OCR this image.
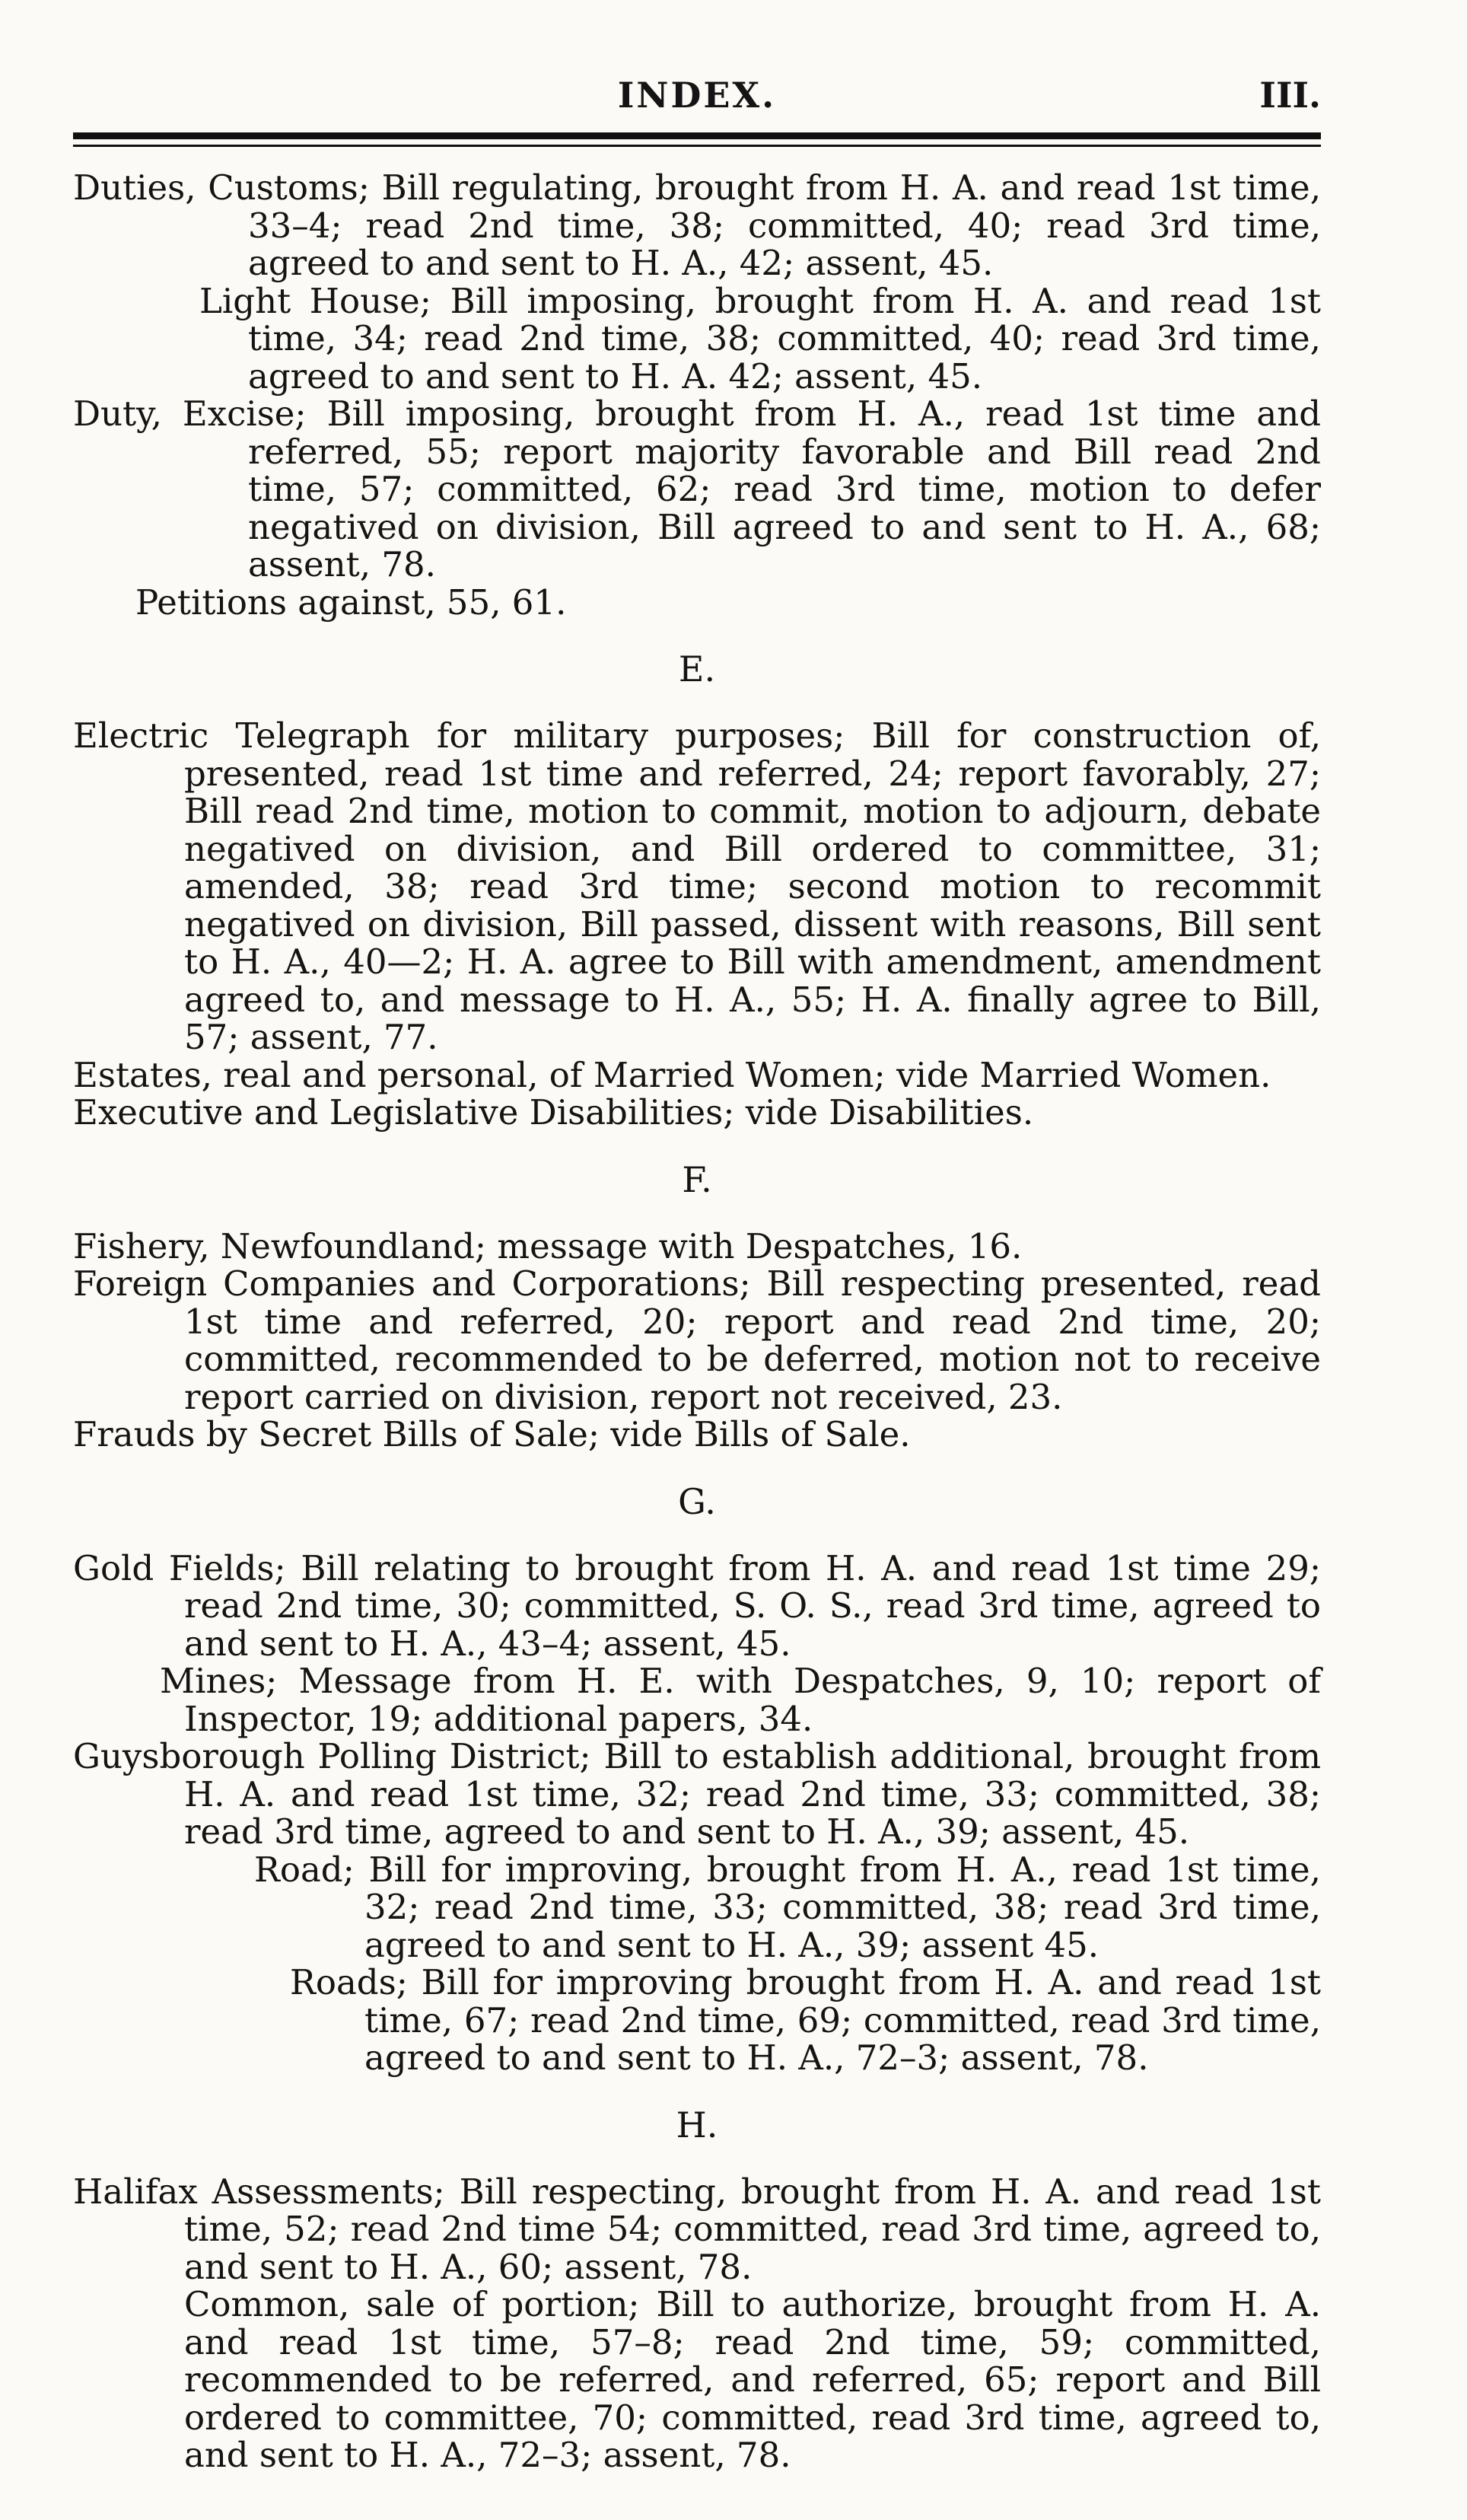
INDEX.	III.

Duties, Customs; Bill regulating, brought from H. A. and read 1st time, 33–4; read 2nd time, 38; committed, 40; read 3rd time, agreed to and sent to H. A., 42; assent, 45.

Light House; Bill imposing, brought from H. A. and read 1st time, 34; read 2nd time, 38; committed, 40; read 3rd time, agreed to and sent to H. A. 42; assent, 45.

Duty, Excise; Bill imposing, brought from H. A., read 1st time and referred, 55; report majority favorable and Bill read 2nd time, 57; committed, 62; read 3rd time, motion to defer negatived on division, Bill agreed to and sent to H. A., 68; assent, 78.

Petitions against, 55, 61.

E.

Electric Telegraph for military purposes; Bill for construction of, presented, read 1st time and referred, 24; report favorably, 27; Bill read 2nd time, motion to commit, motion to adjourn, debate negatived on division, and Bill ordered to committee, 31; amended, 38; read 3rd time; second motion to recommit negatived on division, Bill passed, dissent with reasons, Bill sent to H. A., 40—2; H. A. agree to Bill with amendment, amendment agreed to, and message to H. A., 55; H. A. finally agree to Bill, 57; assent, 77.

Estates, real and personal, of Married Women; vide Married Women.

Executive and Legislative Disabilities; vide Disabilities.

F.

Fishery, Newfoundland; message with Despatches, 16.

Foreign Companies and Corporations; Bill respecting presented, read 1st time and referred, 20; report and read 2nd time, 20; committed, recommended to be deferred, motion not to receive report carried on division, report not received, 23.

Frauds by Secret Bills of Sale; vide Bills of Sale.

G.

Gold Fields; Bill relating to brought from H. A. and read 1st time 29; read 2nd time, 30; committed, S. O. S., read 3rd time, agreed to and sent to H. A., 43–4; assent, 45.

Mines; Message from H. E. with Despatches, 9, 10; report of Inspector, 19; additional papers, 34.

Guysborough Polling District; Bill to establish additional, brought from H. A. and read 1st time, 32; read 2nd time, 33; committed, 38; read 3rd time, agreed to and sent to H. A., 39; assent, 45.

Road; Bill for improving, brought from H. A., read 1st time, 32; read 2nd time, 33; committed, 38; read 3rd time, agreed to and sent to H. A., 39; assent 45.

Roads; Bill for improving brought from H. A. and read 1st time, 67; read 2nd time, 69; committed, read 3rd time, agreed to and sent to H. A., 72–3; assent, 78.

H.

Halifax Assessments; Bill respecting, brought from H. A. and read 1st time, 52; read 2nd time 54; committed, read 3rd time, agreed to, and sent to H. A., 60; assent, 78.

Common, sale of portion; Bill to authorize, brought from H. A. and read 1st time, 57–8; read 2nd time, 59; committed, recommended to be referred, and referred, 65; report and Bill ordered to committee, 70; committed, read 3rd time, agreed to, and sent to H. A., 72–3; assent, 78.
